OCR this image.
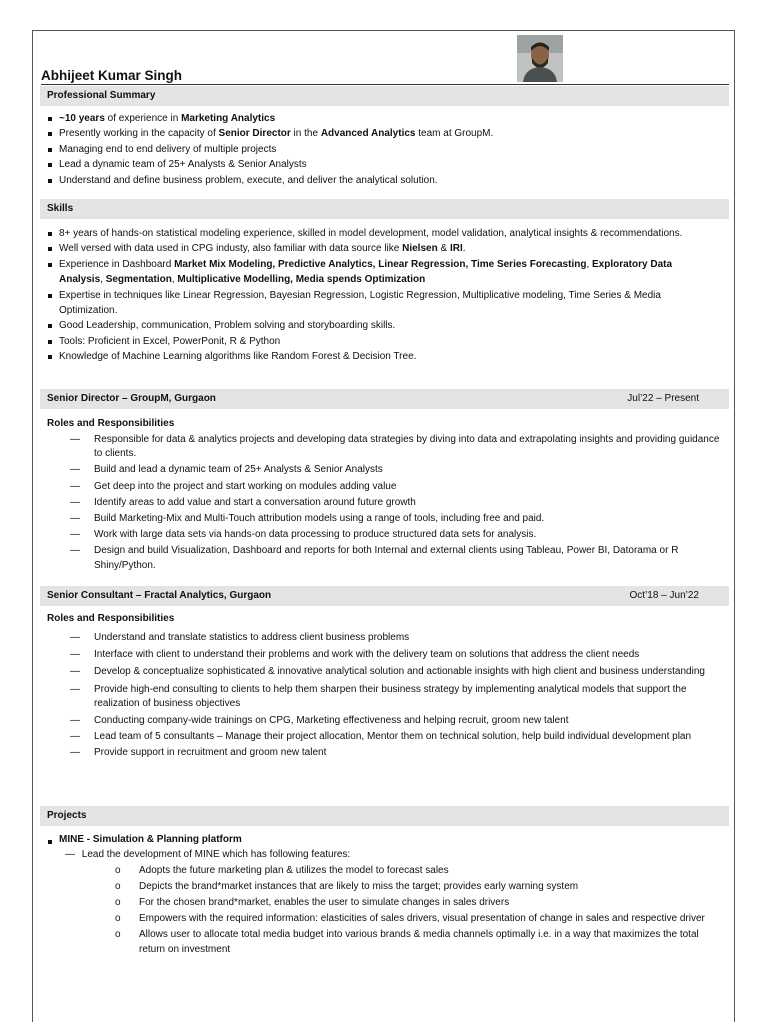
Abhijeet Kumar Singh
Professional Summary
~10 years of experience in Marketing Analytics
Presently working in the capacity of Senior Director in the Advanced Analytics team at GroupM.
Managing end to end delivery of multiple projects
Lead a dynamic team of 25+ Analysts & Senior Analysts
Understand and define business problem, execute, and deliver the analytical solution.
Skills
8+ years of hands-on statistical modeling experience, skilled in model development, model validation, analytical insights & recommendations.
Well versed with data used in CPG industy, also familiar with data source like Nielsen & IRI.
Experience in Dashboard Market Mix Modeling, Predictive Analytics, Linear Regression, Time Series Forecasting, Exploratory Data Analysis, Segmentation, Multiplicative Modelling, Media spends Optimization
Expertise in techniques like Linear Regression, Bayesian Regression, Logistic Regression, Multiplicative modeling, Time Series & Media Optimization.
Good Leadership, communication, Problem solving and storyboarding skills.
Tools: Proficient in Excel, PowerPonit, R & Python
Knowledge of Machine Learning algorithms like Random Forest & Decision Tree.
Senior Director – GroupM, Gurgaon	Jul’22 – Present
Roles and Responsibilities
— Responsible for data & analytics projects and developing data strategies by diving into data and extrapolating insights and providing guidance to clients.
— Build and lead a dynamic team of 25+ Analysts & Senior Analysts
— Get deep into the project and start working on modules adding value
— Identify areas to add value and start a conversation around future growth
— Build Marketing-Mix and Multi-Touch attribution models using a range of tools, including free and paid.
— Work with large data sets via hands-on data processing to produce structured data sets for analysis.
— Design and build Visualization, Dashboard and reports for both Internal and external clients using Tableau, Power BI, Datorama or R Shiny/Python.
Senior Consultant – Fractal Analytics, Gurgaon	Oct’18 – Jun’22
Roles and Responsibilities
— Understand and translate statistics to address client business problems
— Interface with client to understand their problems and work with the delivery team on solutions that address the client needs
— Develop & conceptualize sophisticated & innovative analytical solution and actionable insights with high client and business understanding
— Provide high-end consulting to clients to help them sharpen their business strategy by implementing analytical models that support the realization of business objectives
— Conducting company-wide trainings on CPG, Marketing effectiveness and helping recruit, groom new talent
— Lead team of 5 consultants – Manage their project allocation, Mentor them on technical solution, help build individual development plan
— Provide support in recruitment and groom new talent
Projects
MINE - Simulation & Planning platform
— Lead the development of MINE which has following features:
o Adopts the future marketing plan & utilizes the model to forecast sales
o Depicts the brand*market instances that are likely to miss the target; provides early warning system
o For the chosen brand*market, enables the user to simulate changes in sales drivers
o Empowers with the required information: elasticities of sales drivers, visual presentation of change in sales and respective driver
o Allows user to allocate total media budget into various brands & media channels optimally i.e. in a way that maximizes the total return on investment
